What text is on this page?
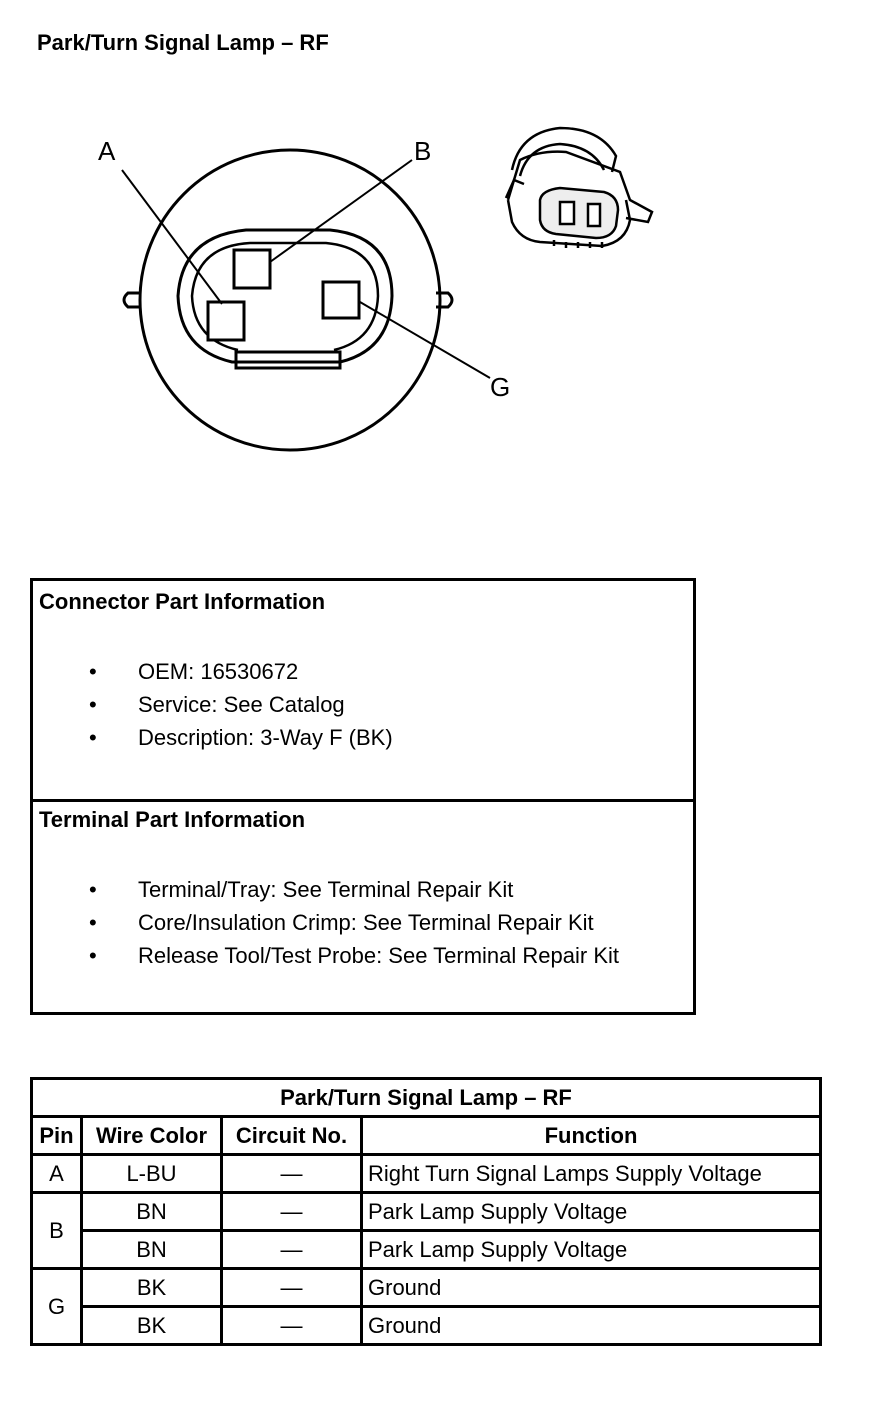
Park/Turn Signal Lamp – RF
A	B
G
Connector Part Information
• OEM: 16530672
• Service: See Catalog
• Description: 3-Way F (BK)
Terminal Part Information
• Terminal/Tray: See Terminal Repair Kit
• Core/Insulation Crimp: See Terminal Repair Kit
• Release Tool/Test Probe: See Terminal Repair Kit
Park/Turn Signal Lamp – RF			
Pin	Wire Color	Circuit No.	Function
A	L-BU	—	Right Turn Signal Lamps Supply Voltage
B	BN	—	Park Lamp Supply Voltage
	BN	—	Park Lamp Supply Voltage
G	BK	—	Ground
	BK	—	Ground
